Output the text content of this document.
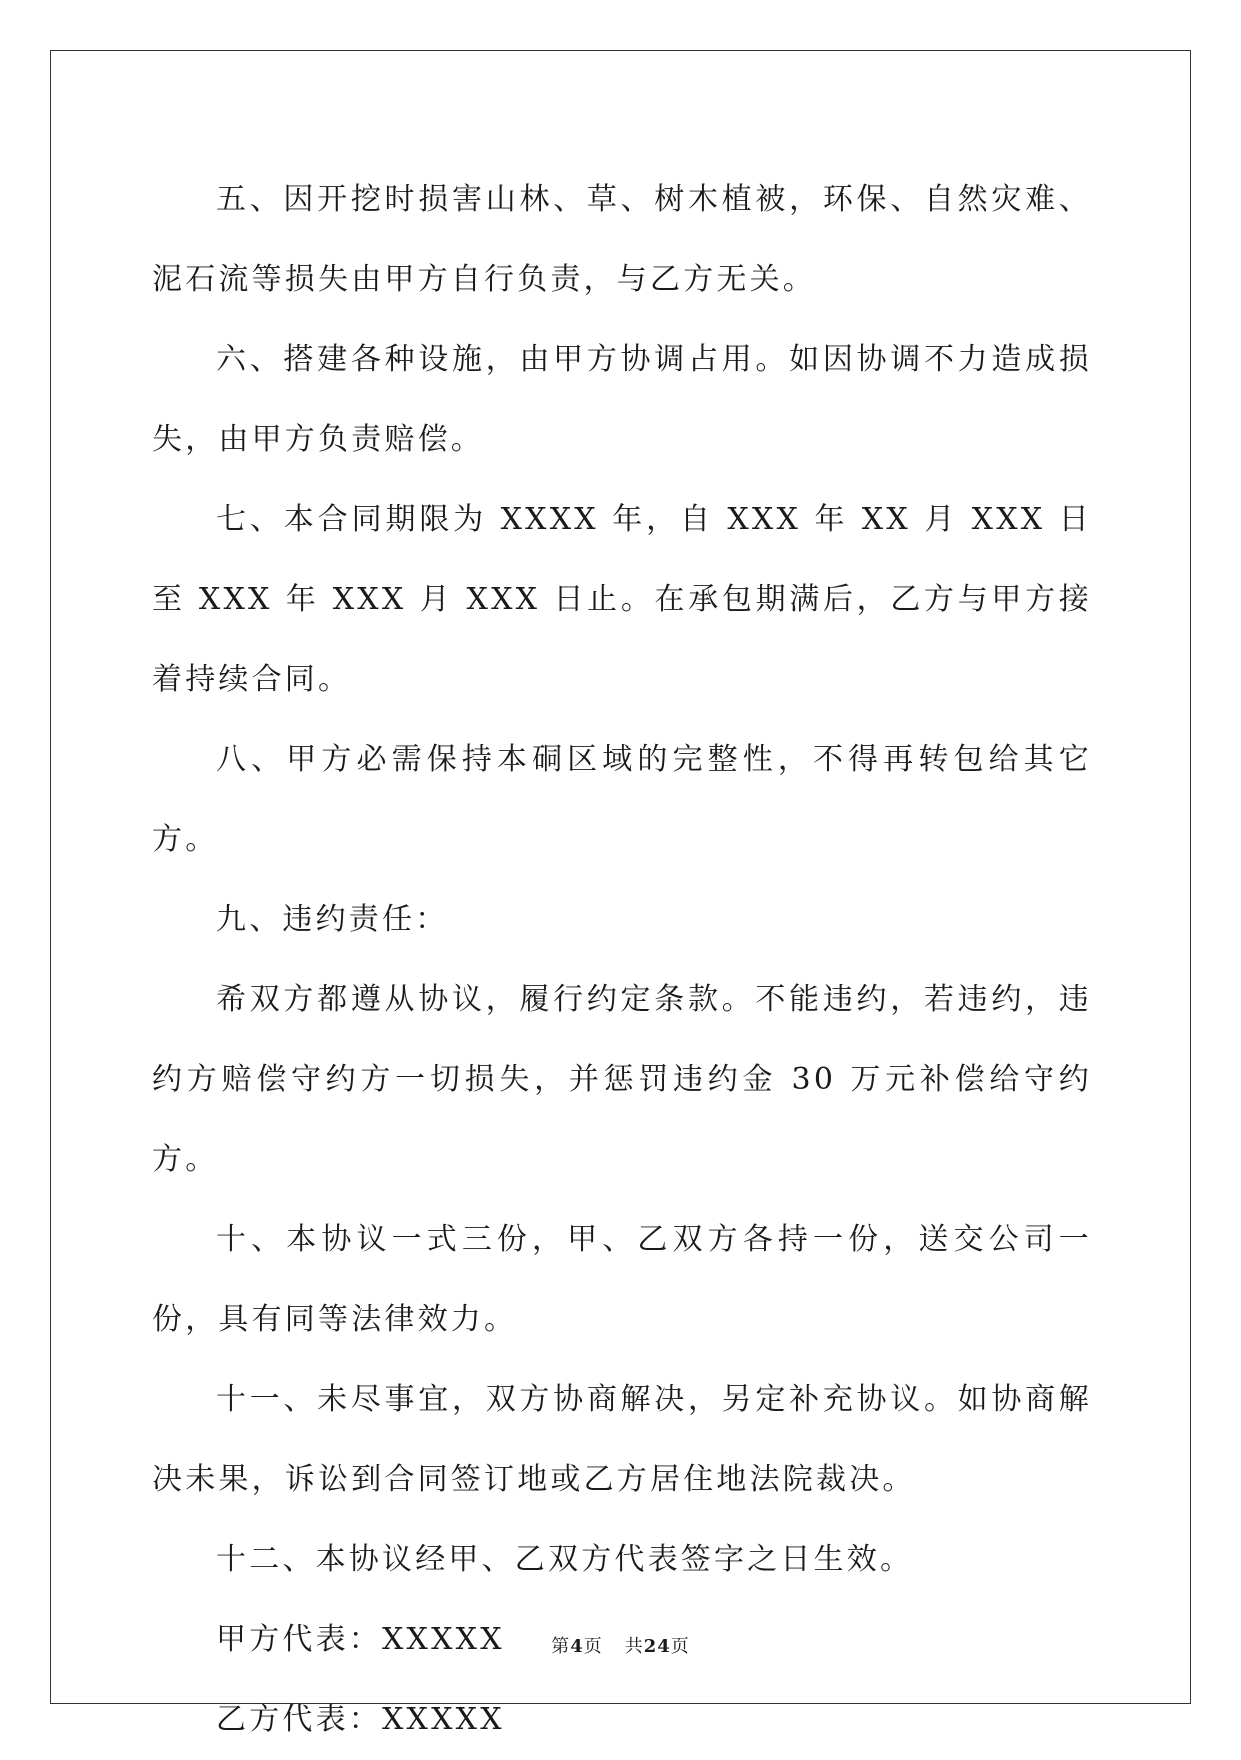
五、因开挖时损害山林、草、树木植被，环保、自然灾难、泥石流等损失由甲方自行负责，与乙方无关。

六、搭建各种设施，由甲方协调占用。如因协调不力造成损失，由甲方负责赔偿。

七、本合同期限为 XXXX 年，自 XXX 年 XX 月 XXX 日至 XXX 年 XXX 月 XXX 日止。在承包期满后，乙方与甲方接着持续合同。

八、甲方必需保持本硐区域的完整性，不得再转包给其它方。

九、违约责任：

希双方都遵从协议，履行约定条款。不能违约，若违约，违约方赔偿守约方一切损失，并惩罚违约金 30 万元补偿给守约方。

十、本协议一式三份，甲、乙双方各持一份，送交公司一份，具有同等法律效力。

十一、未尽事宜，双方协商解决，另定补充协议。如协商解决未果，诉讼到合同签订地或乙方居住地法院裁决。

十二、本协议经甲、乙双方代表签字之日生效。

甲方代表：XXXXX

乙方代表：XXXXX

第4页 共24页
